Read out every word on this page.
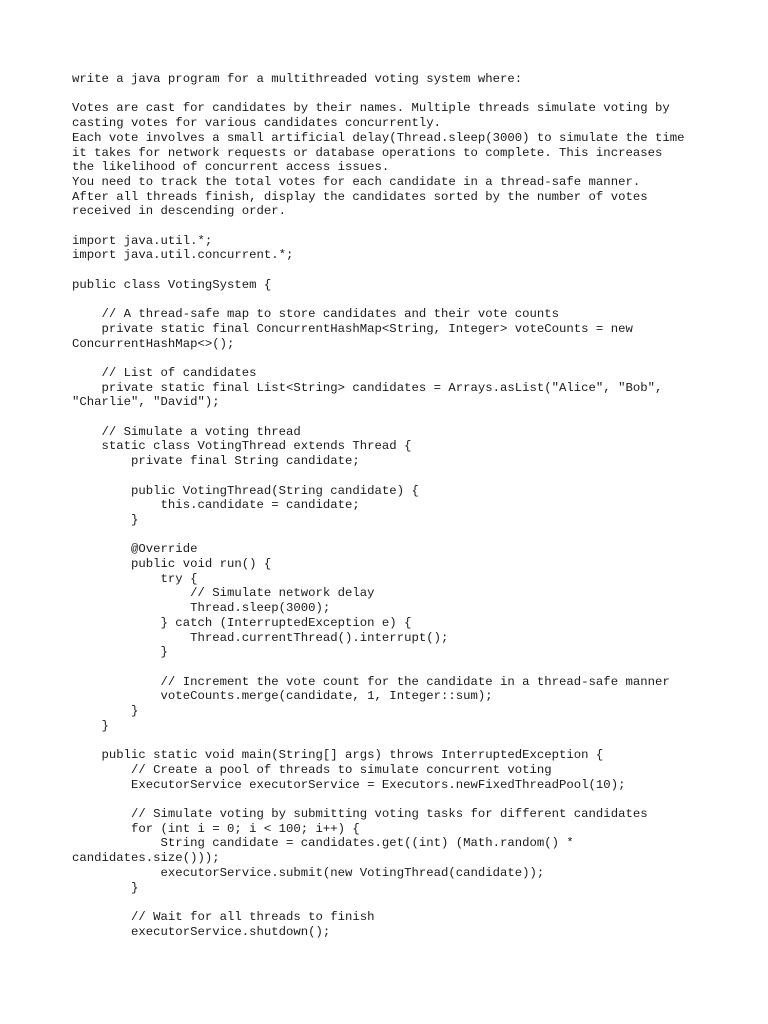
write a java program for a multithreaded voting system where:
Votes are cast for candidates by their names. Multiple threads simulate voting by
casting votes for various candidates concurrently.
Each vote involves a small artificial delay(Thread.sleep(3000) to simulate the time
it takes for network requests or database operations to complete. This increases
the likelihood of concurrent access issues.
You need to track the total votes for each candidate in a thread-safe manner.
After all threads finish, display the candidates sorted by the number of votes
received in descending order.
import java.util.*;
import java.util.concurrent.*;
public class VotingSystem {
// A thread-safe map to store candidates and their vote counts
private static final ConcurrentHashMap<String, Integer> voteCounts = new
ConcurrentHashMap<>();
// List of candidates
private static final List<String> candidates = Arrays.asList("Alice", "Bob",
"Charlie", "David");
// Simulate a voting thread
static class VotingThread extends Thread {
private final String candidate;
public VotingThread(String candidate) {
this.candidate = candidate;
}
@Override
public void run() {
try {
// Simulate network delay
Thread.sleep(3000);
} catch (InterruptedException e) {
Thread.currentThread().interrupt();
}
// Increment the vote count for the candidate in a thread-safe manner
voteCounts.merge(candidate, 1, Integer::sum);
}
}
public static void main(String[] args) throws InterruptedException {
// Create a pool of threads to simulate concurrent voting
ExecutorService executorService = Executors.newFixedThreadPool(10);
// Simulate voting by submitting voting tasks for different candidates
for (int i = 0; i < 100; i++) {
String candidate = candidates.get((int) (Math.random() *
candidates.size()));
executorService.submit(new VotingThread(candidate));
}
// Wait for all threads to finish
executorService.shutdown();
